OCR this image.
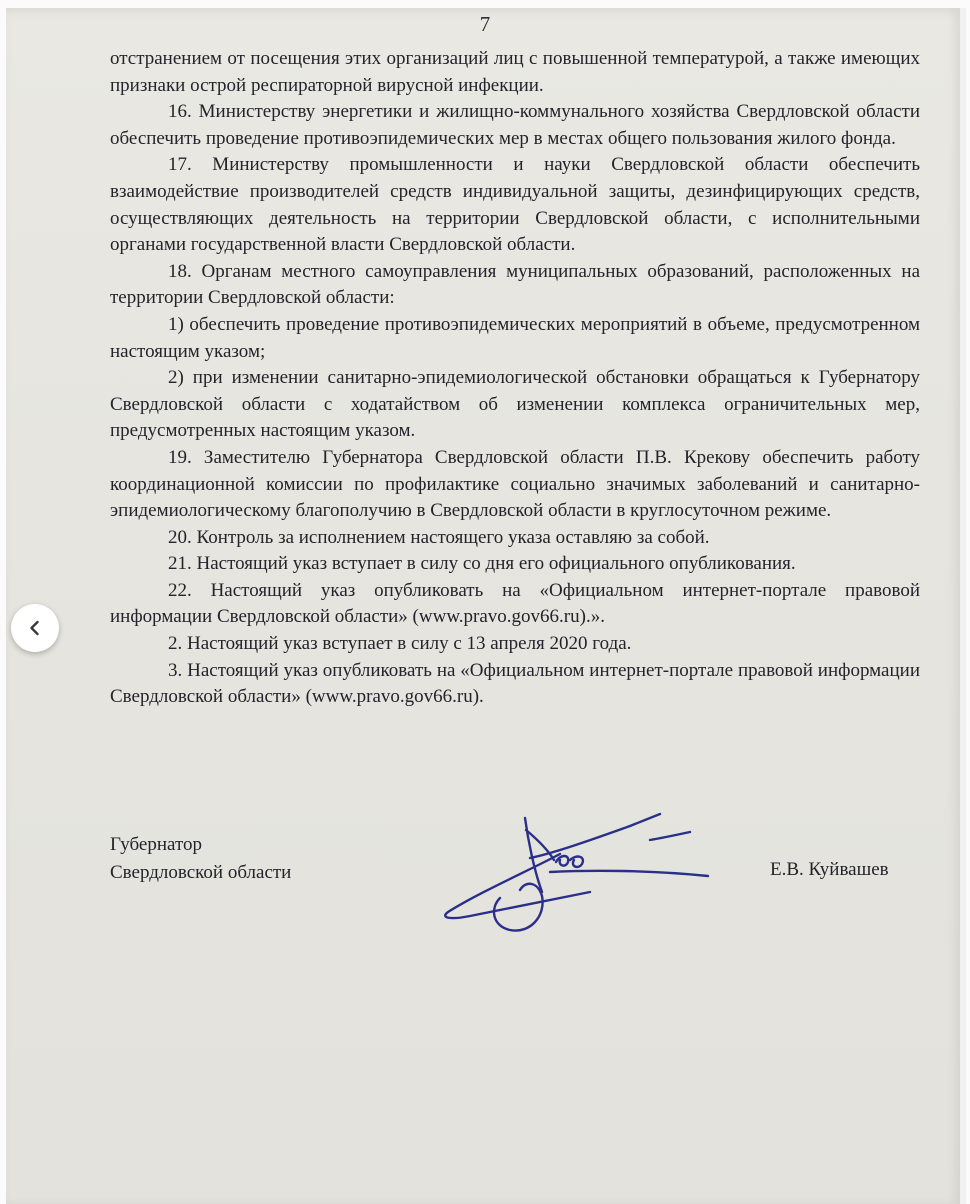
7

отстранением от посещения этих организаций лиц с повышенной температурой, а также имеющих признаки острой респираторной вирусной инфекции.

16. Министерству энергетики и жилищно-коммунального хозяйства Свердловской области обеспечить проведение противоэпидемических мер в местах общего пользования жилого фонда.

17. Министерству промышленности и науки Свердловской области обеспечить взаимодействие производителей средств индивидуальной защиты, дезинфицирующих средств, осуществляющих деятельность на территории Свердловской области, с исполнительными органами государственной власти Свердловской области.

18. Органам местного самоуправления муниципальных образований, расположенных на территории Свердловской области:

1) обеспечить проведение противоэпидемических мероприятий в объеме, предусмотренном настоящим указом;

2) при изменении санитарно-эпидемиологической обстановки обращаться к Губернатору Свердловской области с ходатайством об изменении комплекса ограничительных мер, предусмотренных настоящим указом.

19. Заместителю Губернатора Свердловской области П.В. Крекову обеспечить работу координационной комиссии по профилактике социально значимых заболеваний и санитарно-эпидемиологическому благополучию в Свердловской области в круглосуточном режиме.

20. Контроль за исполнением настоящего указа оставляю за собой.

21. Настоящий указ вступает в силу со дня его официального опубликования.

22. Настоящий указ опубликовать на «Официальном интернет-портале правовой информации Свердловской области» (www.pravo.gov66.ru).».

2. Настоящий указ вступает в силу с 13 апреля 2020 года.

3. Настоящий указ опубликовать на «Официальном интернет-портале правовой информации Свердловской области» (www.pravo.gov66.ru).

Губернатор
Свердловской области	Е.В. Куйвашев
